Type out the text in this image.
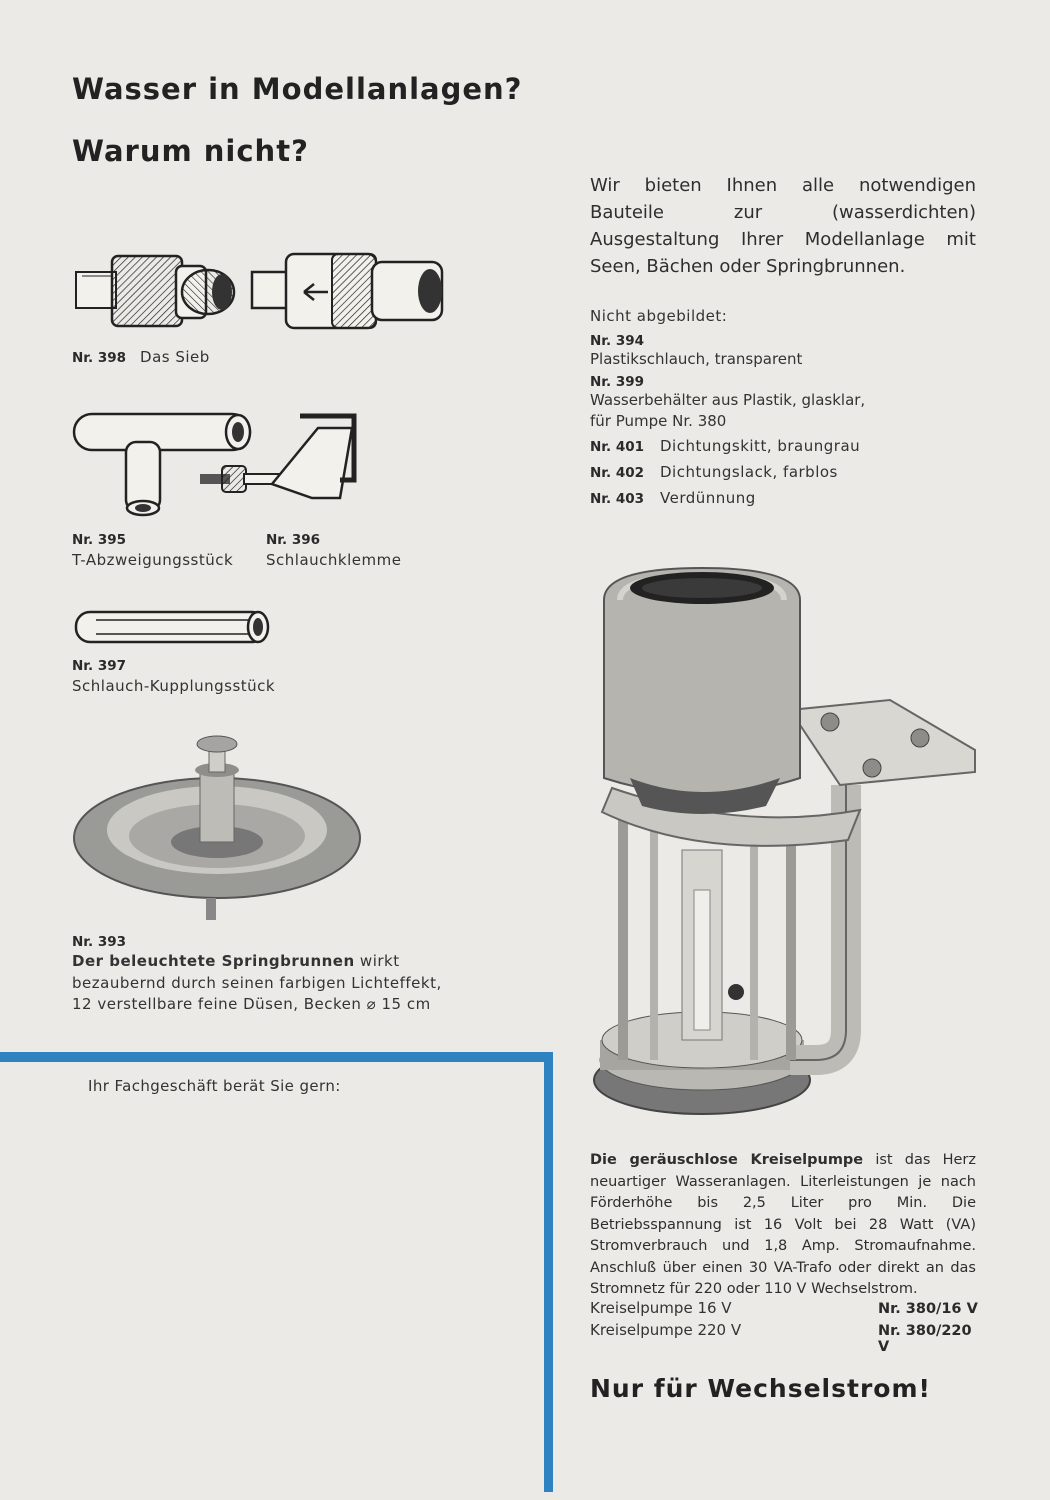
Wasser in Modellanlagen?
Warum nicht?
Wir bieten Ihnen alle notwendigen Bauteile zur (wasserdichten) Ausgestaltung Ihrer Modellanlage mit Seen, Bächen oder Springbrunnen.
Nicht abgebildet:
Nr. 394
Plastikschlauch, transparent
Nr. 399
Wasserbehälter aus Plastik, glasklar, für Pumpe Nr. 380
Nr. 401	Dichtungskitt, braungrau
Nr. 402	Dichtungslack, farblos
Nr. 403	Verdünnung
Nr. 398 Das Sieb
Nr. 395
T-Abzweigungsstück
Nr. 396
Schlauchklemme
Nr. 397
Schlauch-Kupplungsstück
Nr. 393
Der beleuchtete Springbrunnen wirkt bezaubernd durch seinen farbigen Lichteffekt, 12 verstellbare feine Düsen, Becken ⌀ 15 cm
Ihr Fachgeschäft berät Sie gern:
Die geräuschlose Kreiselpumpe ist das Herz neuartiger Wasseranlagen. Literleistungen je nach Förderhöhe bis 2,5 Liter pro Min. Die Betriebsspannung ist 16 Volt bei 28 Watt (VA) Stromverbrauch und 1,8 Amp. Stromaufnahme. Anschluß über einen 30 VA-Trafo oder direkt an das Stromnetz für 220 oder 110 V Wechselstrom.
Kreiselpumpe 16 V	Nr. 380/16 V
Kreiselpumpe 220 V	Nr. 380/220 V
Nur für Wechselstrom!
